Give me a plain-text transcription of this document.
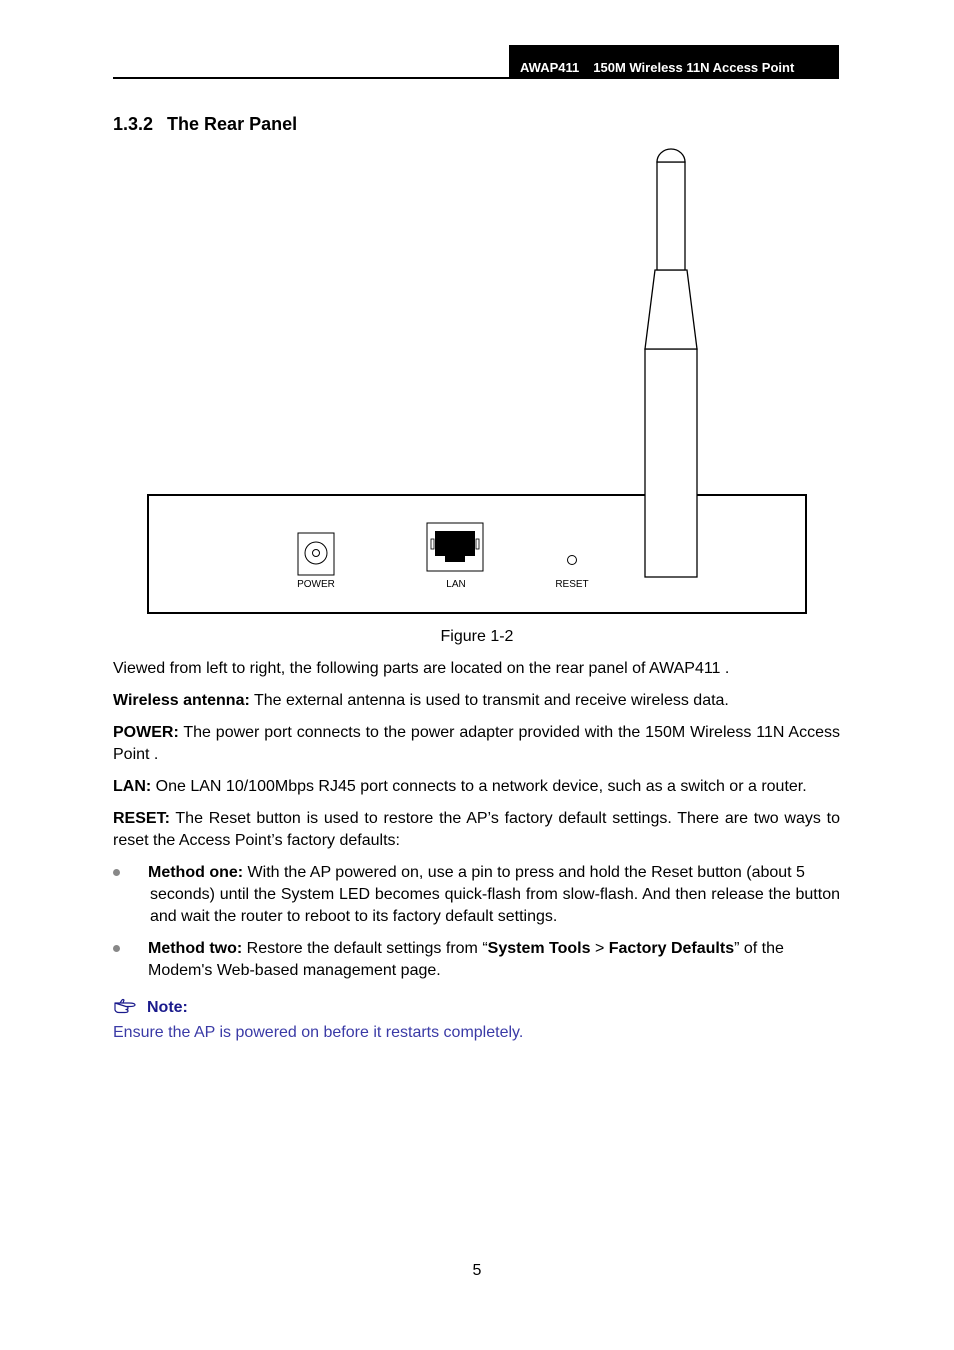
AWAP411 150M Wireless 11N Access Point
1.3.2 The Rear Panel
POWER	LAN	RESET
Figure 1-2

Viewed from left to right, the following parts are located on the rear panel of AWAP411 .

Wireless antenna: The external antenna is used to transmit and receive wireless data.

POWER: The power port connects to the power adapter provided with the 150M Wireless 11N Access Point .

LAN: One LAN 10/100Mbps RJ45 port connects to a network device, such as a switch or a router.

RESET: The Reset button is used to restore the AP’s factory default settings. There are two ways to reset the Access Point’s factory defaults:

Method one: With the AP powered on, use a pin to press and hold the Reset button (about 5
seconds) until the System LED becomes quick-flash from slow-flash. And then release the button and wait the router to reboot to its factory default settings.
Method two: Restore the default settings from “System Tools > Factory Defaults” of the
Modem's Web-based management page.
Note:
Ensure the AP is powered on before it restarts completely.
5
